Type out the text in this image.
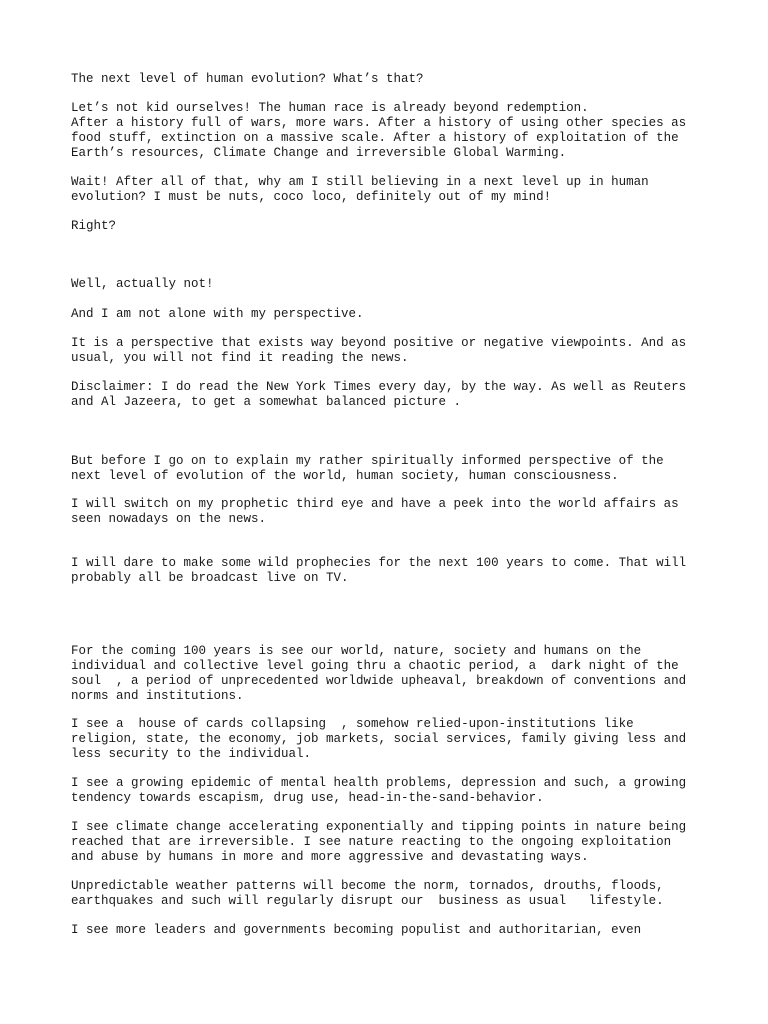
The next level of human evolution? What’s that?

Let’s not kid ourselves! The human race is already beyond redemption.
After a history full of wars, more wars. After a history of using other species as
food stuff, extinction on a massive scale. After a history of exploitation of the
Earth’s resources, Climate Change and irreversible Global Warming.

Wait! After all of that, why am I still believing in a next level up in human
evolution? I must be nuts, coco loco, definitely out of my mind!

Right?

Well, actually not!

And I am not alone with my perspective.

It is a perspective that exists way beyond positive or negative viewpoints. And as
usual, you will not find it reading the news.

Disclaimer: I do read the New York Times every day, by the way. As well as Reuters
and Al Jazeera, to get a somewhat balanced picture .

But before I go on to explain my rather spiritually informed perspective of the
next level of evolution of the world, human society, human consciousness.

I will switch on my prophetic third eye and have a peek into the world affairs as
seen nowadays on the news.

I will dare to make some wild prophecies for the next 100 years to come. That will
probably all be broadcast live on TV.

For the coming 100 years is see our world, nature, society and humans on the
individual and collective level going thru a chaotic period, a  dark night of the
soul  , a period of unprecedented worldwide upheaval, breakdown of conventions and
norms and institutions.

I see a  house of cards collapsing  , somehow relied-upon-institutions like
religion, state, the economy, job markets, social services, family giving less and
less security to the individual.

I see a growing epidemic of mental health problems, depression and such, a growing
tendency towards escapism, drug use, head-in-the-sand-behavior.

I see climate change accelerating exponentially and tipping points in nature being
reached that are irreversible. I see nature reacting to the ongoing exploitation
and abuse by humans in more and more aggressive and devastating ways.

Unpredictable weather patterns will become the norm, tornados, drouths, floods,
earthquakes and such will regularly disrupt our  business as usual   lifestyle.

I see more leaders and governments becoming populist and authoritarian, even
